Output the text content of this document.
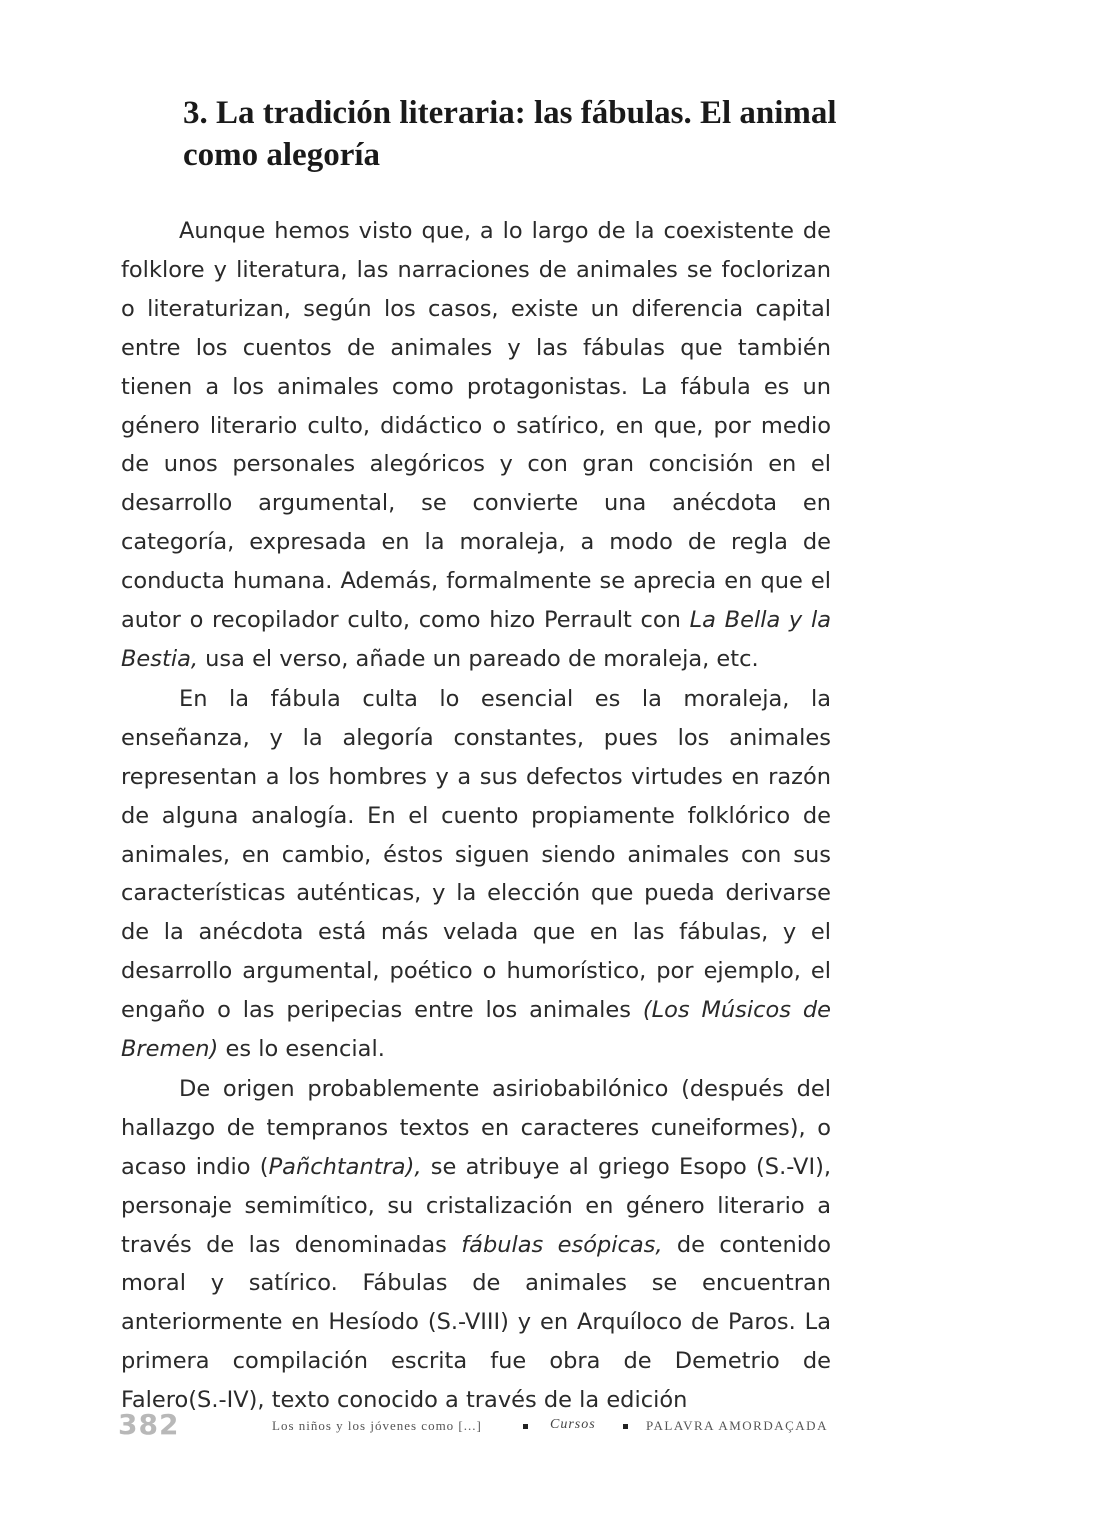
3. La tradición literaria: las fábulas. El animal como alegoría

Aunque hemos visto que, a lo largo de la coexistente de folklore y literatura, las narraciones de animales se foclorizan o literaturizan, según los casos, existe un diferencia capital entre los cuentos de animales y las fábulas que también tienen a los animales como protagonistas. La fábula es un género literario culto, didáctico o satírico, en que, por medio de unos personales alegóricos y con gran concisión en el desarrollo argumental, se convierte una anécdota en categoría, expresada en la moraleja, a modo de regla de conducta humana. Además, formalmente se aprecia en que el autor o recopilador culto, como hizo Perrault con La Bella y la Bestia, usa el verso, añade un pareado de moraleja, etc.

En la fábula culta lo esencial es la moraleja, la enseñanza, y la alegoría constantes, pues los animales representan a los hombres y a sus defectos virtudes en razón de alguna analogía. En el cuento propiamente folklórico de animales, en cambio, éstos siguen siendo animales con sus características auténticas, y la elección que pueda derivarse de la anécdota está más velada que en las fábulas, y el desarrollo argumental, poético o humorístico, por ejemplo, el engaño o las peripecias entre los animales (Los Músicos de Bremen) es lo esencial.

De origen probablemente asiriobabilónico (después del hallazgo de tempranos textos en caracteres cuneiformes), o acaso indio (Pañchtantra), se atribuye al griego Esopo (S.-VI), personaje semimítico, su cristalización en género literario a través de las denominadas fábulas esópicas, de contenido moral y satírico. Fábulas de animales se encuentran anteriormente en Hesíodo (S.-VIII) y en Arquíloco de Paros. La primera compilación escrita fue obra de Demetrio de Falero(S.-IV), texto conocido a través de la edición

382	Los niños y los jóvenes como [...]	Cursos	PALAVRA AMORDAÇADA
